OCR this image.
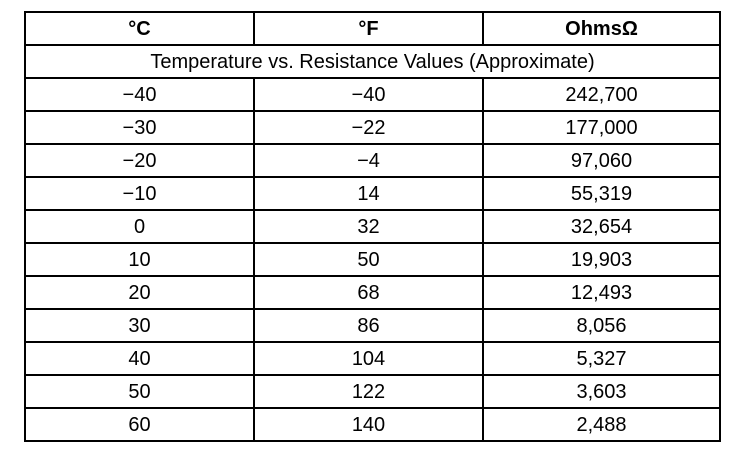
°C	°F	OhmsΩ
Temperature vs. Resistance Values (Approximate)		
−40	−40	242,700
−30	−22	177,000
−20	−4	97,060
−10	14	55,319
0	32	32,654
10	50	19,903
20	68	12,493
30	86	8,056
40	104	5,327
50	122	3,603
60	140	2,488
